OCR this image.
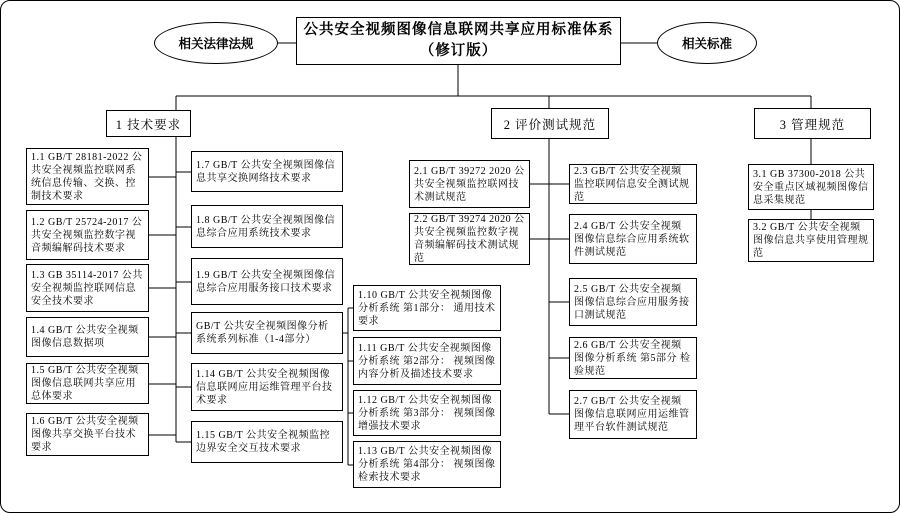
相关法律法规
公共安全视频图像信息联网共享应用标准体系
（修订版）	相关标准
1 技术要求	2 评价测试规范	3 管理规范
1.1 GB/T 28181-2022 公共安全视频监控联网系统信息传输、交换、控制技术要求
1.2 GB/T 25724-2017 公共安全视频监控数字视音频编解码技术要求
1.3 GB 35114-2017 公共安全视频监控联网信息安全技术要求
1.4 GB/T 公共安全视频图像信息数据项
1.5 GB/T 公共安全视频图像信息联网共享应用总体要求
1.6 GB/T 公共安全视频图像共享交换平台技术要求
1.7 GB/T 公共安全视频图像信息共享交换网络技术要求
1.8 GB/T 公共安全视频图像信息综合应用系统技术要求
1.9 GB/T 公共安全视频图像信息综合应用服务接口技术要求
GB/T 公共安全视频图像分析系统系列标准（1-4部分）
1.14 GB/T 公共安全视频图像信息联网应用运维管理平台技术要求
1.15 GB/T 公共安全视频监控边界安全交互技术要求
1.10 GB/T 公共安全视频图像分析系统 第1部分： 通用技术要求
1.11 GB/T 公共安全视频图像分析系统 第2部分： 视频图像内容分析及描述技术要求
1.12 GB/T 公共安全视频图像分析系统 第3部分： 视频图像增强技术要求
1.13 GB/T 公共安全视频图像分析系统 第4部分： 视频图像检索技术要求
2.1 GB/T 39272 2020 公共安全视频监控联网技术测试规范
2.2 GB/T 39274 2020 公共安全视频监控数字视音频编解码技术测试规范
2.3 GB/T 公共安全视频监控联网信息安全测试规范
2.4 GB/T 公共安全视频图像信息综合应用系统软件测试规范
2.5 GB/T 公共安全视频图像信息综合应用服务接口测试规范
2.6 GB/T 公共安全视频图像分析系统 第5部分 检验规范
2.7 GB/T 公共安全视频图像信息联网应用运维管理平台软件测试规范
3.1 GB 37300-2018 公共安全重点区域视频图像信息采集规范
3.2 GB/T 公共安全视频图像信息共享使用管理规范
